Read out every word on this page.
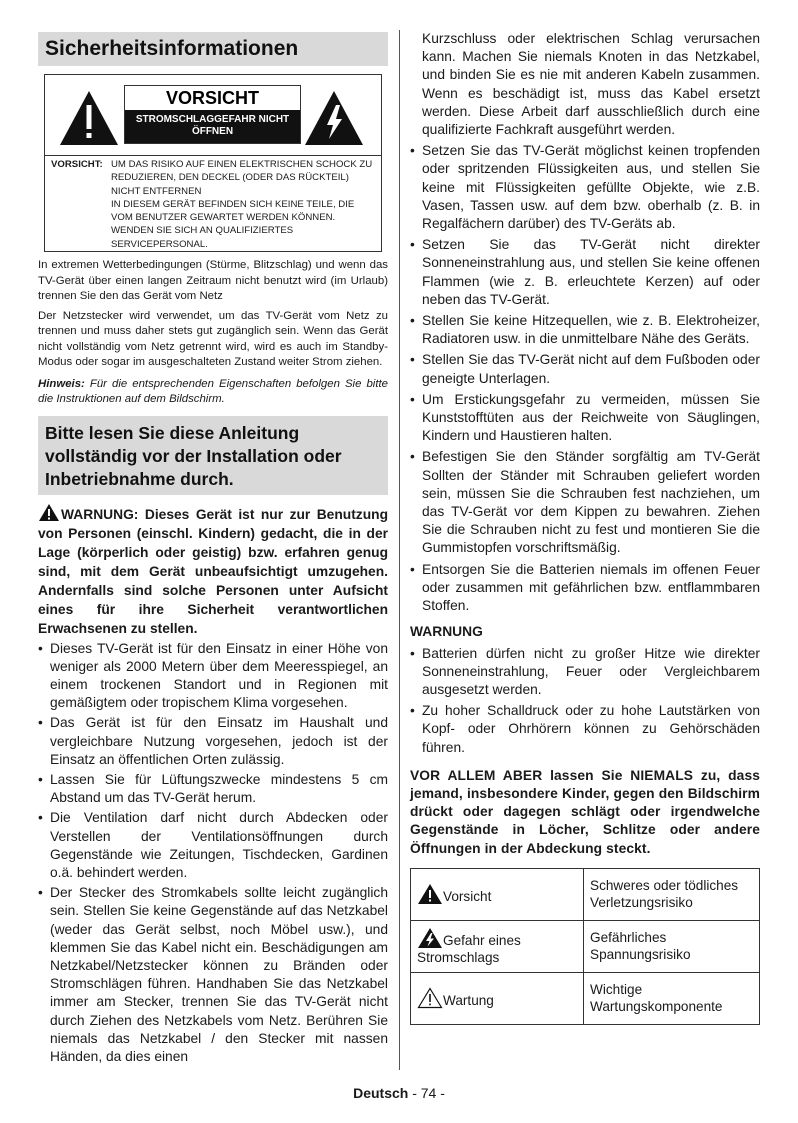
Sicherheitsinformationen
VORSICHT
STROMSCHLAGGEFAHR NICHT ÖFFNEN
VORSICHT: UM DAS RISIKO AUF EINEN ELEKTRISCHEN SCHOCK ZU REDUZIEREN, DEN DECKEL (ODER DAS RÜCKTEIL) NICHT ENTFERNEN
IN DIESEM GERÄT BEFINDEN SICH KEINE TEILE, DIE VOM BENUTZER GEWARTET WERDEN KÖNNEN. WENDEN SIE SICH AN QUALIFIZIERTES SERVICEPERSONAL.

In extremen Wetterbedingungen (Stürme, Blitzschlag) und wenn das TV-Gerät über einen langen Zeitraum nicht benutzt wird (im Urlaub) trennen Sie den das Gerät vom Netz

Der Netzstecker wird verwendet, um das TV-Gerät vom Netz zu trennen und muss daher stets gut zugänglich sein. Wenn das Gerät nicht vollständig vom Netz getrennt wird, wird es auch im Standby-Modus oder sogar im ausgeschalteten Zustand weiter Strom ziehen.

Hinweis: Für die entsprechenden Eigenschaften befolgen Sie bitte die Instruktionen auf dem Bildschirm.

Bitte lesen Sie diese Anleitung vollständig vor der Installation oder Inbetriebnahme durch.

WARNUNG: Dieses Gerät ist nur zur Benutzung von Personen (einschl. Kindern) gedacht, die in der Lage (körperlich oder geistig) bzw. erfahren genug sind, mit dem Gerät unbeaufsichtigt umzugehen. Andernfalls sind solche Personen unter Aufsicht eines für ihre Sicherheit verantwortlichen Erwachsenen zu stellen.

• Dieses TV-Gerät ist für den Einsatz in einer Höhe von weniger als 2000 Metern über dem Meeresspiegel, an einem trockenen Standort und in Regionen mit gemäßigtem oder tropischem Klima vorgesehen.
• Das Gerät ist für den Einsatz im Haushalt und vergleichbare Nutzung vorgesehen, jedoch ist der Einsatz an öffentlichen Orten zulässig.
• Lassen Sie für Lüftungszwecke mindestens 5 cm Abstand um das TV-Gerät herum.
• Die Ventilation darf nicht durch Abdecken oder Verstellen der Ventilationsöffnungen durch Gegenstände wie Zeitungen, Tischdecken, Gardinen o.ä. behindert werden.
• Der Stecker des Stromkabels sollte leicht zugänglich sein. Stellen Sie keine Gegenstände auf das Netzkabel (weder das Gerät selbst, noch Möbel usw.), und klemmen Sie das Kabel nicht ein. Beschädigungen am Netzkabel/Netzstecker können zu Bränden oder Stromschlägen führen. Handhaben Sie das Netzkabel immer am Stecker, trennen Sie das TV-Gerät nicht durch Ziehen des Netzkabels vom Netz. Berühren Sie niemals das Netzkabel / den Stecker mit nassen Händen, da dies einen
Kurzschluss oder elektrischen Schlag verursachen kann. Machen Sie niemals Knoten in das Netzkabel, und binden Sie es nie mit anderen Kabeln zusammen. Wenn es beschädigt ist, muss das Kabel ersetzt werden. Diese Arbeit darf ausschließlich durch eine qualifizierte Fachkraft ausgeführt werden.
• Setzen Sie das TV-Gerät möglichst keinen tropfenden oder spritzenden Flüssigkeiten aus, und stellen Sie keine mit Flüssigkeiten gefüllte Objekte, wie z.B. Vasen, Tassen usw. auf dem bzw. oberhalb (z. B. in Regalfächern darüber) des TV-Geräts ab.
• Setzen Sie das TV-Gerät nicht direkter Sonneneinstrahlung aus, und stellen Sie keine offenen Flammen (wie z. B. erleuchtete Kerzen) auf oder neben das TV-Gerät.
• Stellen Sie keine Hitzequellen, wie z. B. Elektroheizer, Radiatoren usw. in die unmittelbare Nähe des Geräts.
• Stellen Sie das TV-Gerät nicht auf dem Fußboden oder geneigte Unterlagen.
• Um Erstickungsgefahr zu vermeiden, müssen Sie Kunststofftüten aus der Reichweite von Säuglingen, Kindern und Haustieren halten.
• Befestigen Sie den Ständer sorgfältig am TV-Gerät Sollten der Ständer mit Schrauben geliefert worden sein, müssen Sie die Schrauben fest nachziehen, um das TV-Gerät vor dem Kippen zu bewahren. Ziehen Sie die Schrauben nicht zu fest und montieren Sie die Gummistopfen vorschriftsmäßig.
• Entsorgen Sie die Batterien niemals im offenen Feuer oder zusammen mit gefährlichen bzw. entflammbaren Stoffen.
WARNUNG
• Batterien dürfen nicht zu großer Hitze wie direkter Sonneneinstrahlung, Feuer oder Vergleichbarem ausgesetzt werden.
• Zu hoher Schalldruck oder zu hohe Lautstärken von Kopf- oder Ohrhörern können zu Gehörschäden führen.
VOR ALLEM ABER lassen Sie NIEMALS zu, dass jemand, insbesondere Kinder, gegen den Bildschirm drückt oder dagegen schlägt oder irgendwelche Gegenstände in Löcher, Schlitze oder andere Öffnungen in der Abdeckung steckt.
Vorsicht	Schweres oder tödliches Verletzungsrisiko
Gefahr eines Stromschlags	Gefährliches Spannungsrisiko
Wartung	Wichtige Wartungskomponente
Deutsch - 74 -
